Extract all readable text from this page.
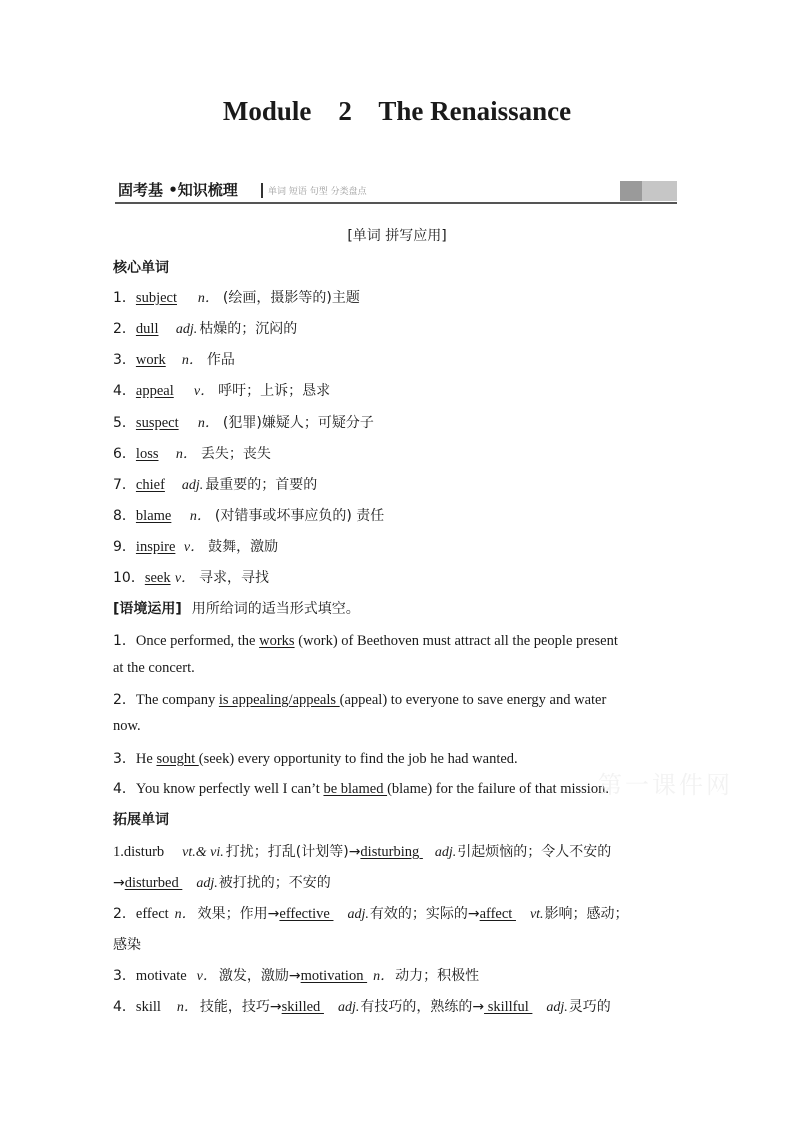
Module    2    The Renaissance
固考基 •知识梳理	单词 短语 句型 分类盘点
[单词 拼写应用]
核心单词
1．subject n． (绘画，摄影等的)主题
2．dull adj. 枯燥的；沉闷的
3．work n． 作品
4．appeal v． 呼吁；上诉；恳求
5．suspect n． (犯罪)嫌疑人；可疑分子
6．loss n． 丢失；丧失
7．chief adj. 最重要的；首要的
8．blame n． (对错事或坏事应负的) 责任
9．inspire v． 鼓舞，激励
10．seek v． 寻求，寻找
[语境运用] 用所给词的适当形式填空。
1．Once performed, the works (work) of Beethoven must attract all the people present
at the concert.
2．The company is appealing/appeals (appeal) to everyone to save energy and water
now.
3．He sought (seek) every opportunity to find the job he had wanted.
4．You know perfectly well I can’t be blamed (blame) for the failure of that mission.
第一课件网
拓展单词
1.disturb vt.& vi. 打扰；打乱(计划等)→disturbing adj.引起烦恼的；令人不安的
→disturbed adj.被打扰的；不安的
2．effect n． 效果；作用→effective adj.有效的；实际的→affect vt.影响；感动；
感染
3．motivate v． 激发，激励→motivation n．动力；积极性
4．skill n． 技能，技巧→skilled adj.有技巧的，熟练的→ skillful adj.灵巧的
